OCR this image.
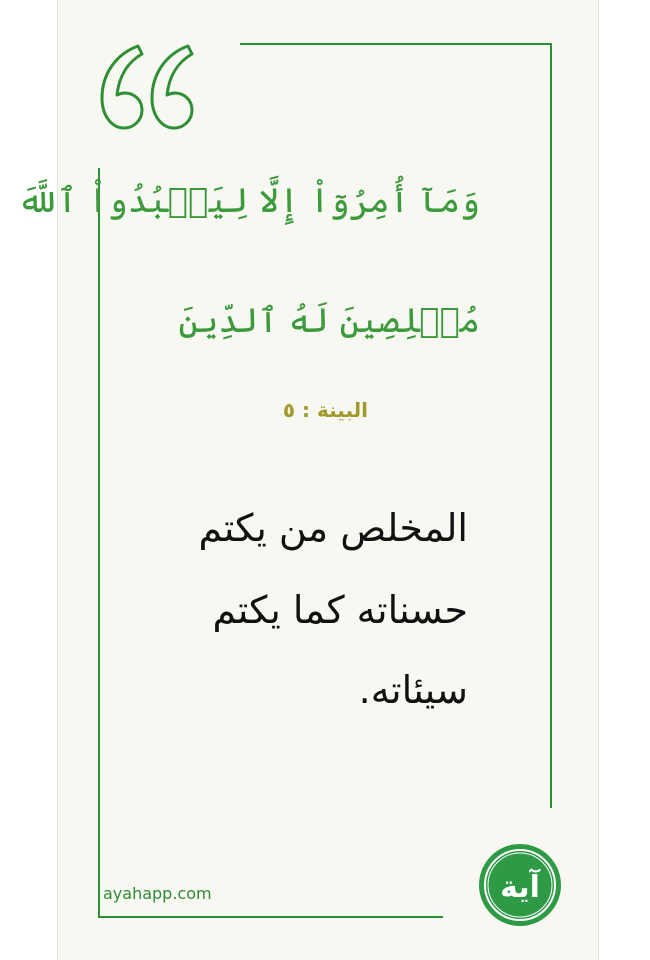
وَمَآ أُمِرُوٓاْ إِلَّا لِيَعۡبُدُواْ ٱللَّهَ
مُخۡلِصِينَ لَهُ ٱلدِّينَ
البينة : ٥
المخلص من يكتم
حسناته كما يكتم
سيئاته.
ayahapp.com	آية
